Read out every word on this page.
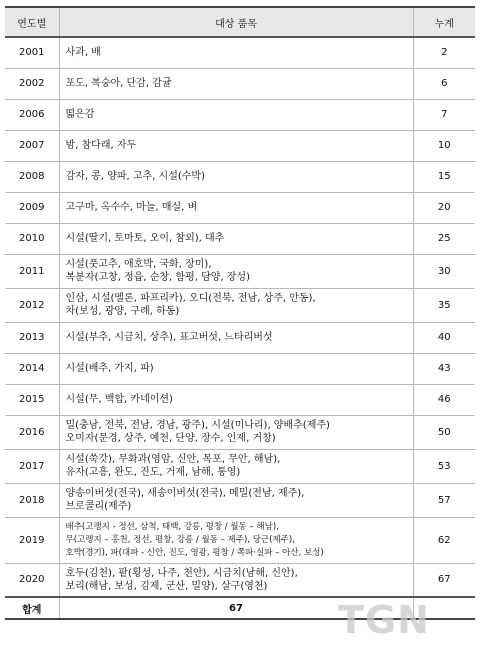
연도별	대상 품목	누계
2001	사과, 배	2
2002	포도, 복숭아, 단감, 감귤	6
2006	떫은감	7
2007	밤, 참다래, 자두	10
2008	감자, 콩, 양파, 고추, 시설(수박)	15
2009	고구마, 옥수수, 마늘, 매실, 벼	20
2010	시설(딸기, 토마토, 오이, 참외), 대추	25
2011	시설(풋고추, 애호박, 국화, 장미),
복분자(고창, 정읍, 순창, 함평, 담양, 장성)	30
2012	인삼, 시설(멜론, 파프리카), 오디(전북, 전남, 상주, 안동),
차(보성, 광양, 구례, 하동)	35
2013	시설(부추, 시금치, 상추), 표고버섯, 느타리버섯	40
2014	시설(배추, 가지, 파)	43
2015	시설(무, 백합, 카네이션)	46
2016	밀(충남, 전북, 전남, 경남, 광주), 시설(미나리), 양배추(제주)
오미자(문경, 상주, 예천, 단양, 장수, 인제, 거창)	50
2017	시설(쑥갓), 무화과(영암, 신안, 목포, 무안, 해남),
유자(고흥, 완도, 진도, 거제, 남해, 통영)	53
2018	양송이버섯(전국), 새송이버섯(전국), 메밀(전남, 제주),
브로콜리(제주)	57
2019	배추(고랭지 - 정선, 삼척, 태백, 강릉, 평창 / 월동 – 해남),
무(고랭지 – 홍천, 정선, 평창, 강릉 / 월동 – 제주), 당근(제주),
호박(경기), 파(대파 - 신안, 진도, 영광, 평창 / 쪽파·실파 – 아산, 보성)	62
2020	호두(김천), 팥(횡성, 나주, 천안), 시금치(남해, 신안),
보리(해남, 보성, 김제, 군산, 밀양), 살구(영천)	67
합계	67		TGN
